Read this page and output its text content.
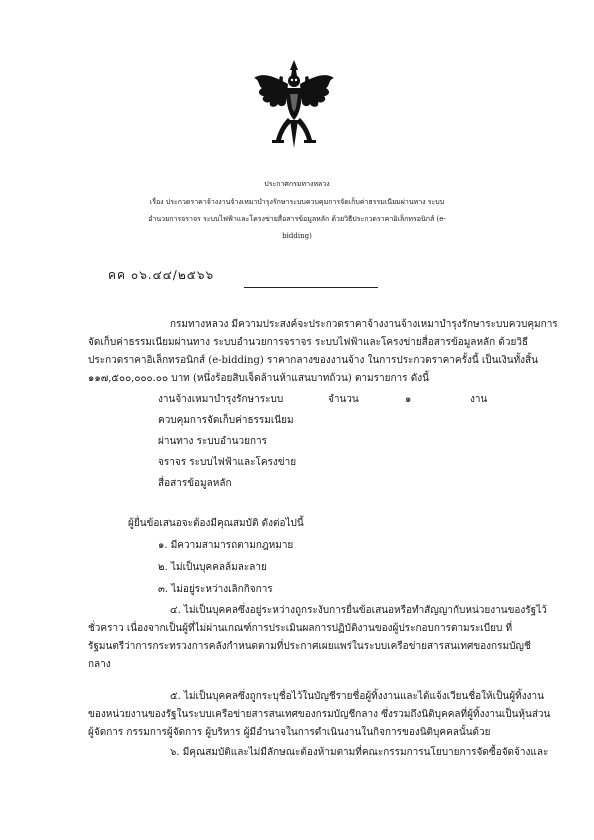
ประกาศกรมทางหลวง
เรื่อง ประกวดราคาจ้างงานจ้างเหมาบำรุงรักษาระบบควบคุมการจัดเก็บค่าธรรมเนียมผ่านทาง ระบบ
อำนวยการจราจร ระบบไฟฟ้าและโครงข่ายสื่อสารข้อมูลหลัก ด้วยวิธีประกวดราคาอิเล็กทรอนิกส์ (e-
bidding)
คค ๐๖.๔๔/๒๕๖๖
กรมทางหลวง มีความประสงค์จะประกวดราคาจ้างงานจ้างเหมาบำรุงรักษาระบบควบคุมการ
จัดเก็บค่าธรรมเนียมผ่านทาง ระบบอำนวยการจราจร ระบบไฟฟ้าและโครงข่ายสื่อสารข้อมูลหลัก ด้วยวิธี
ประกวดราคาอิเล็กทรอนิกส์ (e-bidding) ราคากลางของงานจ้าง ในการประกวดราคาครั้งนี้ เป็นเงินทั้งสิ้น
๑๑๗,๕๐๐,๐๐๐.๐๐ บาท (หนึ่งร้อยสิบเจ็ดล้านห้าแสนบาทถ้วน) ตามรายการ ดังนี้
งานจ้างเหมาบำรุงรักษาระบบ	จำนวน	๑	งาน
ควบคุมการจัดเก็บค่าธรรมเนียม
ผ่านทาง ระบบอำนวยการ
จราจร ระบบไฟฟ้าและโครงข่าย
สื่อสารข้อมูลหลัก
ผู้ยื่นข้อเสนอจะต้องมีคุณสมบัติ ดังต่อไปนี้
๑. มีความสามารถตามกฎหมาย
๒. ไม่เป็นบุคคลล้มละลาย
๓. ไม่อยู่ระหว่างเลิกกิจการ
๔. ไม่เป็นบุคคลซึ่งอยู่ระหว่างถูกระงับการยื่นข้อเสนอหรือทำสัญญากับหน่วยงานของรัฐไว้
ชั่วคราว เนื่องจากเป็นผู้ที่ไม่ผ่านเกณฑ์การประเมินผลการปฏิบัติงานของผู้ประกอบการตามระเบียบ ที่
รัฐมนตรีว่าการกระทรวงการคลังกำหนดตามที่ประกาศเผยแพร่ในระบบเครือข่ายสารสนเทศของกรมบัญชี
กลาง
๕. ไม่เป็นบุคคลซึ่งถูกระบุชื่อไว้ในบัญชีรายชื่อผู้ทิ้งงานและได้แจ้งเวียนชื่อให้เป็นผู้ทิ้งงาน
ของหน่วยงานของรัฐในระบบเครือข่ายสารสนเทศของกรมบัญชีกลาง ซึ่งรวมถึงนิติบุคคลที่ผู้ทิ้งงานเป็นหุ้นส่วน
ผู้จัดการ กรรมการผู้จัดการ ผู้บริหาร ผู้มีอำนาจในการดำเนินงานในกิจการของนิติบุคคลนั้นด้วย
๖. มีคุณสมบัติและไม่มีลักษณะต้องห้ามตามที่คณะกรรมการนโยบายการจัดซื้อจัดจ้างและ
